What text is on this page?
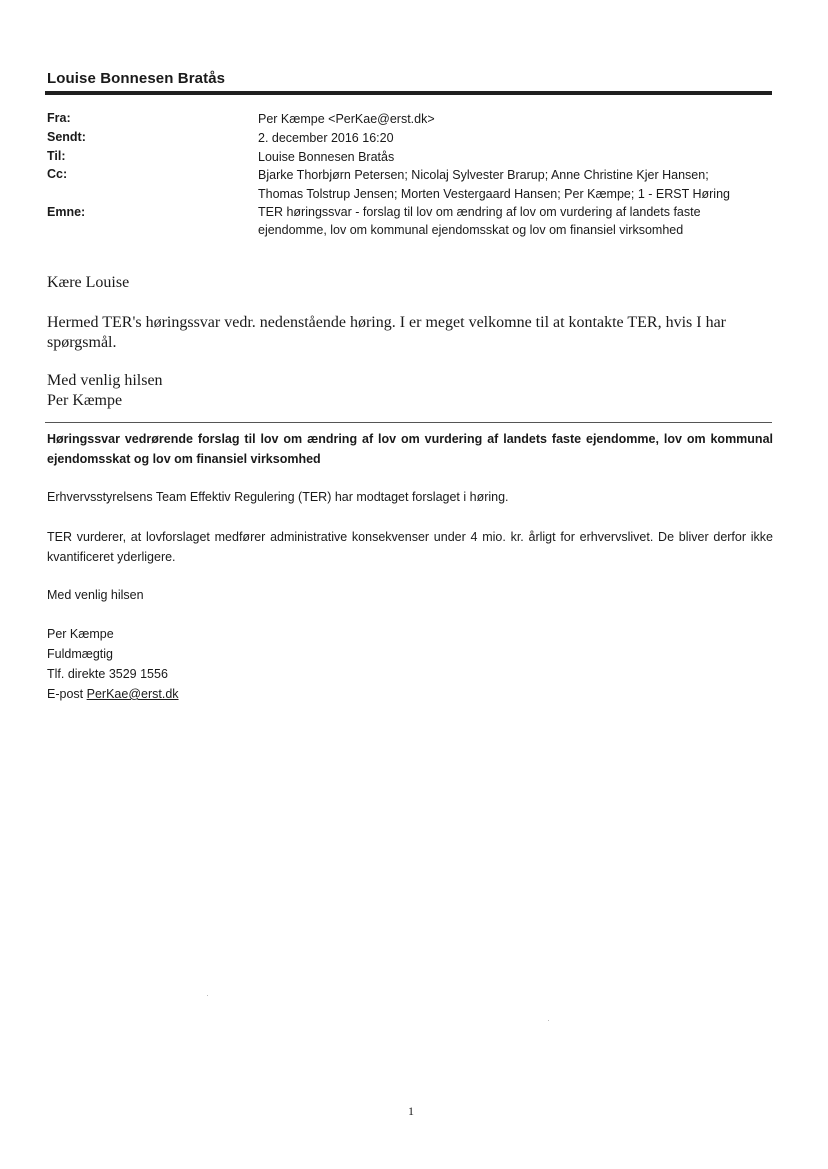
Louise Bonnesen Bratås
Fra:	Per Kæmpe <PerKae@erst.dk>
Sendt:	2. december 2016 16:20
Til:	Louise Bonnesen Bratås
Cc:	Bjarke Thorbjørn Petersen; Nicolaj Sylvester Brarup; Anne Christine Kjer Hansen;
Thomas Tolstrup Jensen; Morten Vestergaard Hansen; Per Kæmpe; 1 - ERST Høring
Emne:	TER høringssvar - forslag til lov om ændring af lov om vurdering af landets faste
ejendomme, lov om kommunal ejendomsskat og lov om finansiel virksomhed
Kære Louise
Hermed TER's høringssvar vedr. nedenstående høring. I er meget velkomne til at kontakte TER, hvis I har spørgsmål.
Med venlig hilsen
Per Kæmpe
Høringssvar vedrørende forslag til lov om ændring af lov om vurdering af landets faste ejendomme, lov om kommunal ejendomsskat og lov om finansiel virksomhed
Erhvervsstyrelsens Team Effektiv Regulering (TER) har modtaget forslaget i høring.
TER vurderer, at lovforslaget medfører administrative konsekvenser under 4 mio. kr. årligt for erhvervslivet. De bliver derfor ikke kvantificeret yderligere.
Med venlig hilsen
Per Kæmpe
Fuldmægtig
Tlf. direkte 3529 1556
E-post PerKae@erst.dk
1
